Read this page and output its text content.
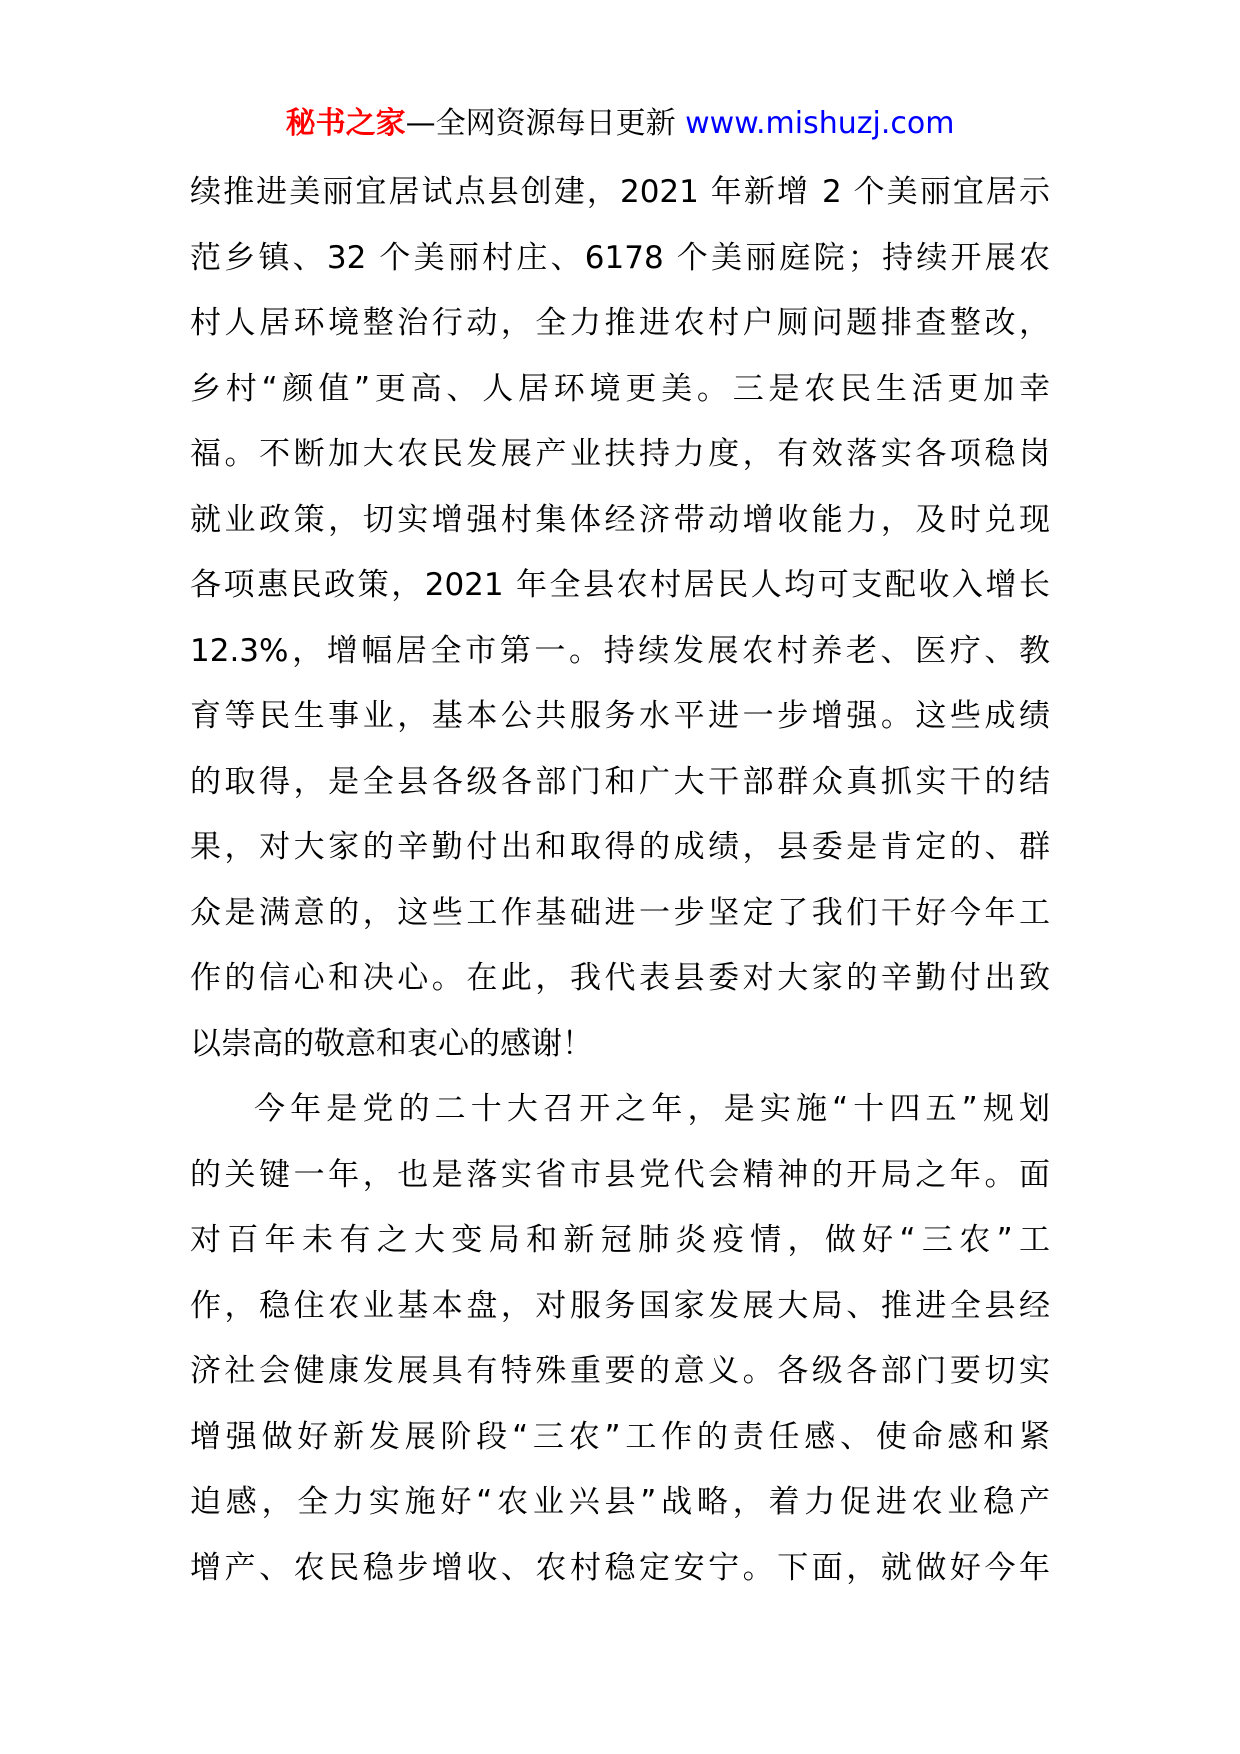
秘书之家—全网资源每日更新 www.mishuzj.com
续推进美丽宜居试点县创建，2021 年新增 2 个美丽宜居示
范乡镇、32 个美丽村庄、6178 个美丽庭院；持续开展农
村人居环境整治行动，全力推进农村户厕问题排查整改，
乡村“颜值”更高、人居环境更美。三是农民生活更加幸
福。不断加大农民发展产业扶持力度，有效落实各项稳岗
就业政策，切实增强村集体经济带动增收能力，及时兑现
各项惠民政策，2021 年全县农村居民人均可支配收入增长
12.3%，增幅居全市第一。持续发展农村养老、医疗、教
育等民生事业，基本公共服务水平进一步增强。这些成绩
的取得，是全县各级各部门和广大干部群众真抓实干的结
果，对大家的辛勤付出和取得的成绩，县委是肯定的、群
众是满意的，这些工作基础进一步坚定了我们干好今年工
作的信心和决心。在此，我代表县委对大家的辛勤付出致
以崇高的敬意和衷心的感谢！
今年是党的二十大召开之年，是实施“十四五”规划
的关键一年，也是落实省市县党代会精神的开局之年。面
对百年未有之大变局和新冠肺炎疫情，做好“三农”工
作，稳住农业基本盘，对服务国家发展大局、推进全县经
济社会健康发展具有特殊重要的意义。各级各部门要切实
增强做好新发展阶段“三农”工作的责任感、使命感和紧
迫感，全力实施好“农业兴县”战略，着力促进农业稳产
增产、农民稳步增收、农村稳定安宁。下面，就做好今年
